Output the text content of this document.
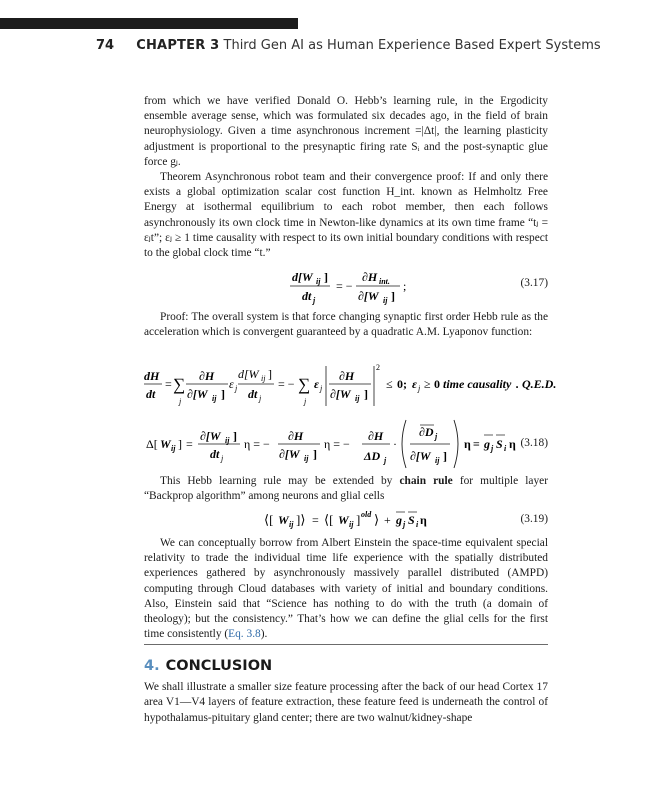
74 CHAPTER 3 Third Gen AI as Human Experience Based Expert Systems

from which we have verified Donald O. Hebb’s learning rule, in the Ergodicity ensemble average sense, which was formulated six decades ago, in the field of brain neurophysiology. Given a time asynchronous increment =|Δt|, the learning plasticity adjustment is proportional to the presynaptic firing rate Sᵢ and the post-synaptic glue force gⱼ.

Theorem Asynchronous robot team and their convergence proof: If and only there exists a global optimization scalar cost function H_int. known as Helmholtz Free Energy at isothermal equilibrium to each robot member, then each follows asynchronously its own clock time in Newton-like dynamics at its own time frame “tⱼ = εⱼt”; εⱼ ≥ 1 time causality with respect to its own initial boundary conditions with respect to the global clock time “t.”

d[W ij ]
dt j
= −
∂H int.
∂[W ij ]
;	(3.17)

Proof: The overall system is that force changing synaptic first order Hebb rule as the acceleration which is convergent guaranteed by a quadratic A.M. Lyaponov function:

dH
dt
= ∑
j
∂H
∂[W ij ]
ε j
d[W ij ]
dt j
= − ∑
j
ε j
∂H
∂[W ij ]
2
≤ 0; ε j ≥ 0 time causality . Q.E.D.
Δ[ W ij ] =
∂[W ij ]
dt j
η = −
∂H
∂[W ij ]
η = −
∂H
ΔD j
·
∂D j
∂[W ij ]
η ≡ g j S i η (3.18)

This Hebb learning rule may be extended by chain rule for multiple layer “Backprop algorithm” among neurons and glial cells

⟨[ W ij ]⟩ = ⟨[ W ij ] old ⟩ + g j S i η	(3.19)

We can conceptually borrow from Albert Einstein the space-time equivalent special relativity to trade the individual time life experience with the spatially distributed experiences gathered by asynchronously massively parallel distributed (AMPD) computing through Cloud databases with variety of initial and boundary conditions. Also, Einstein said that “Science has nothing to do with the truth (a domain of theology); but the consistency.” That’s how we can define the glial cells for the first time consistently (Eq. 3.8).

4. CONCLUSION

We shall illustrate a smaller size feature processing after the back of our head Cortex 17 area V1—V4 layers of feature extraction, these feature feed is underneath the control of hypothalamus-pituitary gland center; there are two walnut/kidney-shape
